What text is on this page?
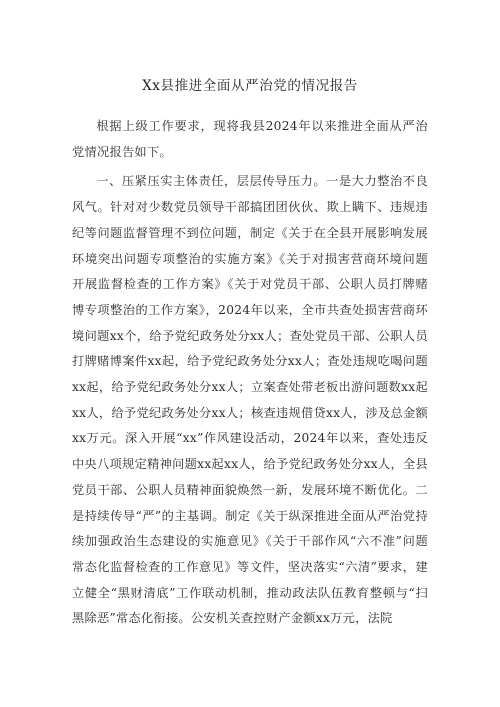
Xx县推进全面从严治党的情况报告

根据上级工作要求，现将我县2024年以来推进全面从严治党情况报告如下。

一、压紧压实主体责任，层层传导压力。一是大力整治不良风气。针对对少数党员领导干部搞团团伙伙、欺上瞒下、违规违纪等问题监督管理不到位问题，制定《关于在全县开展影响发展环境突出问题专项整治的实施方案》《关于对损害营商环境问题开展监督检查的工作方案》《关于对党员干部、公职人员打牌赌博专项整治的工作方案》，2024年以来，全市共查处损害营商环境问题xx个，给予党纪政务处分xx人；查处党员干部、公职人员打牌赌博案件xx起，给予党纪政务处分xx人；查处违规吃喝问题xx起，给予党纪政务处分xx人；立案查处带老板出游问题数xx起xx人，给予党纪政务处分xx人；核查违规借贷xx人，涉及总金额xx万元。深入开展“xx”作风建设活动，2024年以来，查处违反中央八项规定精神问题xx起xx人，给予党纪政务处分xx人，全县党员干部、公职人员精神面貌焕然一新，发展环境不断优化。二是持续传导“严”的主基调。制定《关于纵深推进全面从严治党持续加强政治生态建设的实施意见》《关于干部作风“六不准”问题常态化监督检查的工作意见》等文件，坚决落实“六清”要求，建立健全“黑财清底”工作联动机制，推动政法队伍教育整顿与“扫黑除恶”常态化衔接。公安机关查控财产金额xx万元，法院
